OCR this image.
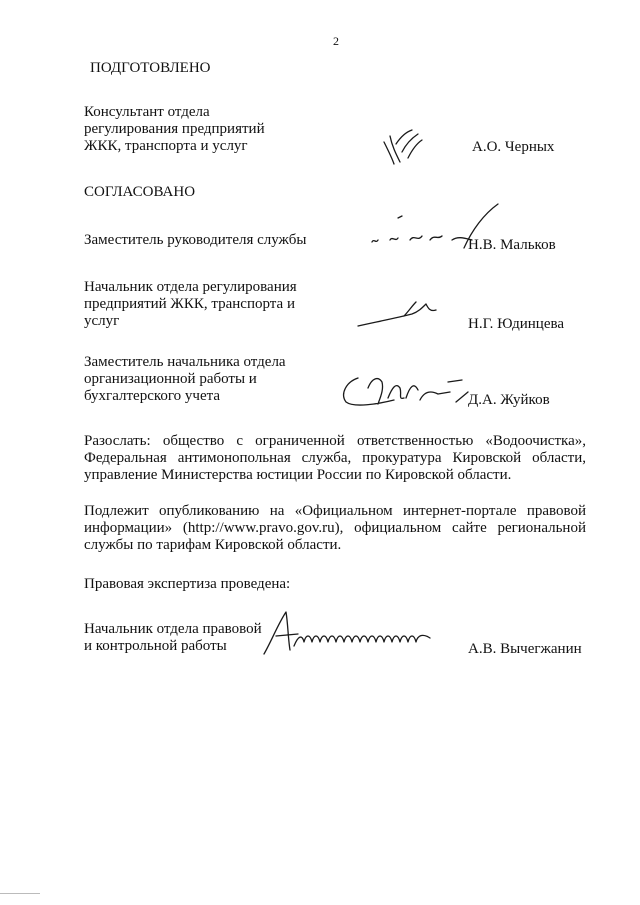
2
ПОДГОТОВЛЕНО
Консультант отдела
регулирования предприятий
ЖКК, транспорта и услуг	А.О. Черных
СОГЛАСОВАНО
Заместитель руководителя службы	Н.В. Мальков
Начальник отдела регулирования
предприятий ЖКК, транспорта и
услуг	Н.Г. Юдинцева
Заместитель начальника отдела
организационной работы и
бухгалтерского учета	Д.А. Жуйков
Разослать: общество с ограниченной ответственностью «Водоочистка»,
Федеральная антимонопольная служба, прокуратура Кировской области,
управление Министерства юстиции России по Кировской области.
Подлежит опубликованию на «Официальном интернет-портале правовой
информации» (http://www.pravo.gov.ru), официальном сайте региональной
службы по тарифам Кировской области.
Правовая экспертиза проведена:
Начальник отдела правовой
и контрольной работы	А.В. Вычегжанин
